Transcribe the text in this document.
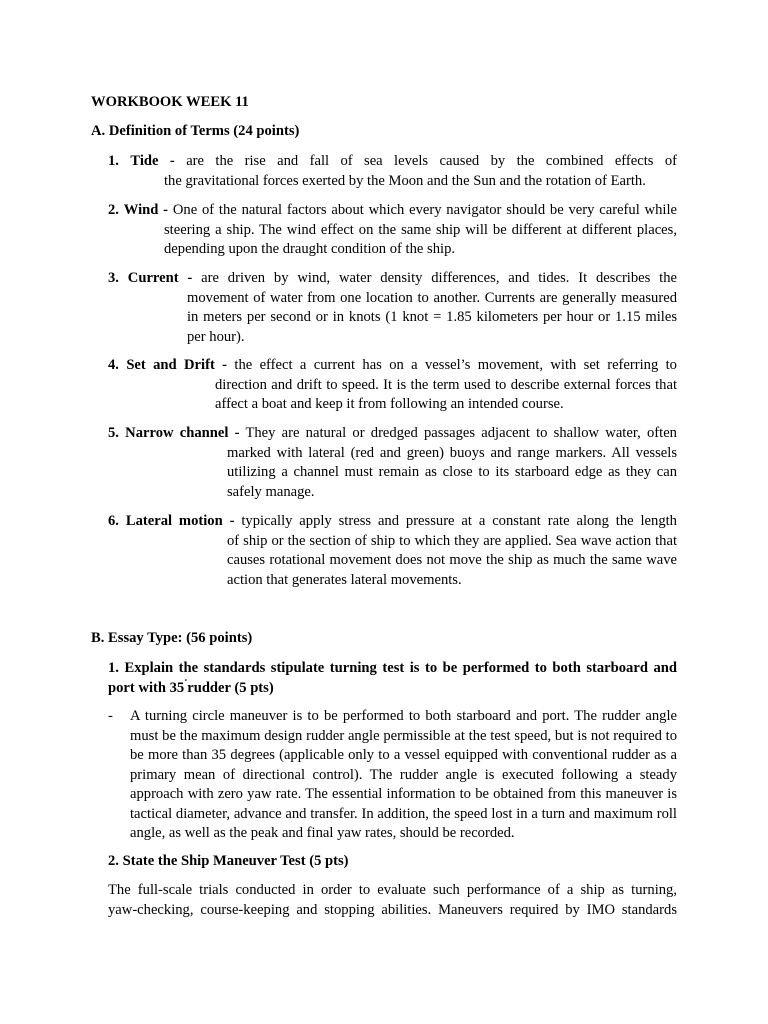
WORKBOOK WEEK 11
A. Definition of Terms (24 points)
1. Tide - are the rise and fall of sea levels caused by the combined effects of
the gravitational forces exerted by the Moon and the Sun and the rotation of Earth.
2. Wind - One of the natural factors about which every navigator should be very careful while
steering a ship. The wind effect on the same ship will be different at different places, depending upon the draught condition of the ship.
3. Current - are driven by wind, water density differences, and tides. It describes the
movement of water from one location to another. Currents are generally measured in meters per second or in knots (1 knot = 1.85 kilometers per hour or 1.15 miles per hour).
4. Set and Drift - the effect a current has on a vessel’s movement, with set referring to
direction and drift to speed. It is the term used to describe external forces that affect a boat and keep it from following an intended course.
5. Narrow channel - They are natural or dredged passages adjacent to shallow water, often
marked with lateral (red and green) buoys and range markers. All vessels utilizing a channel must remain as close to its starboard edge as they can safely manage.
6. Lateral motion - typically apply stress and pressure at a constant rate along the length
of ship or the section of ship to which they are applied. Sea wave action that causes rotational movement does not move the ship as much the same wave action that generates lateral movements.
B. Essay Type: (56 points)
1. Explain the standards stipulate turning test is to be performed to both starboard and
port with 35˚rudder (5 pts)
- A turning circle maneuver is to be performed to both starboard and port. The rudder angle must be the maximum design rudder angle permissible at the test speed, but is not required to be more than 35 degrees (applicable only to a vessel equipped with conventional rudder as a primary mean of directional control). The rudder angle is executed following a steady approach with zero yaw rate. The essential information to be obtained from this maneuver is tactical diameter, advance and transfer. In addition, the speed lost in a turn and maximum roll angle, as well as the peak and final yaw rates, should be recorded.
2. State the Ship Maneuver Test (5 pts)
The full-scale trials conducted in order to evaluate such performance of a ship as turning,
yaw-checking, course-keeping and stopping abilities. Maneuvers required by IMO standards
